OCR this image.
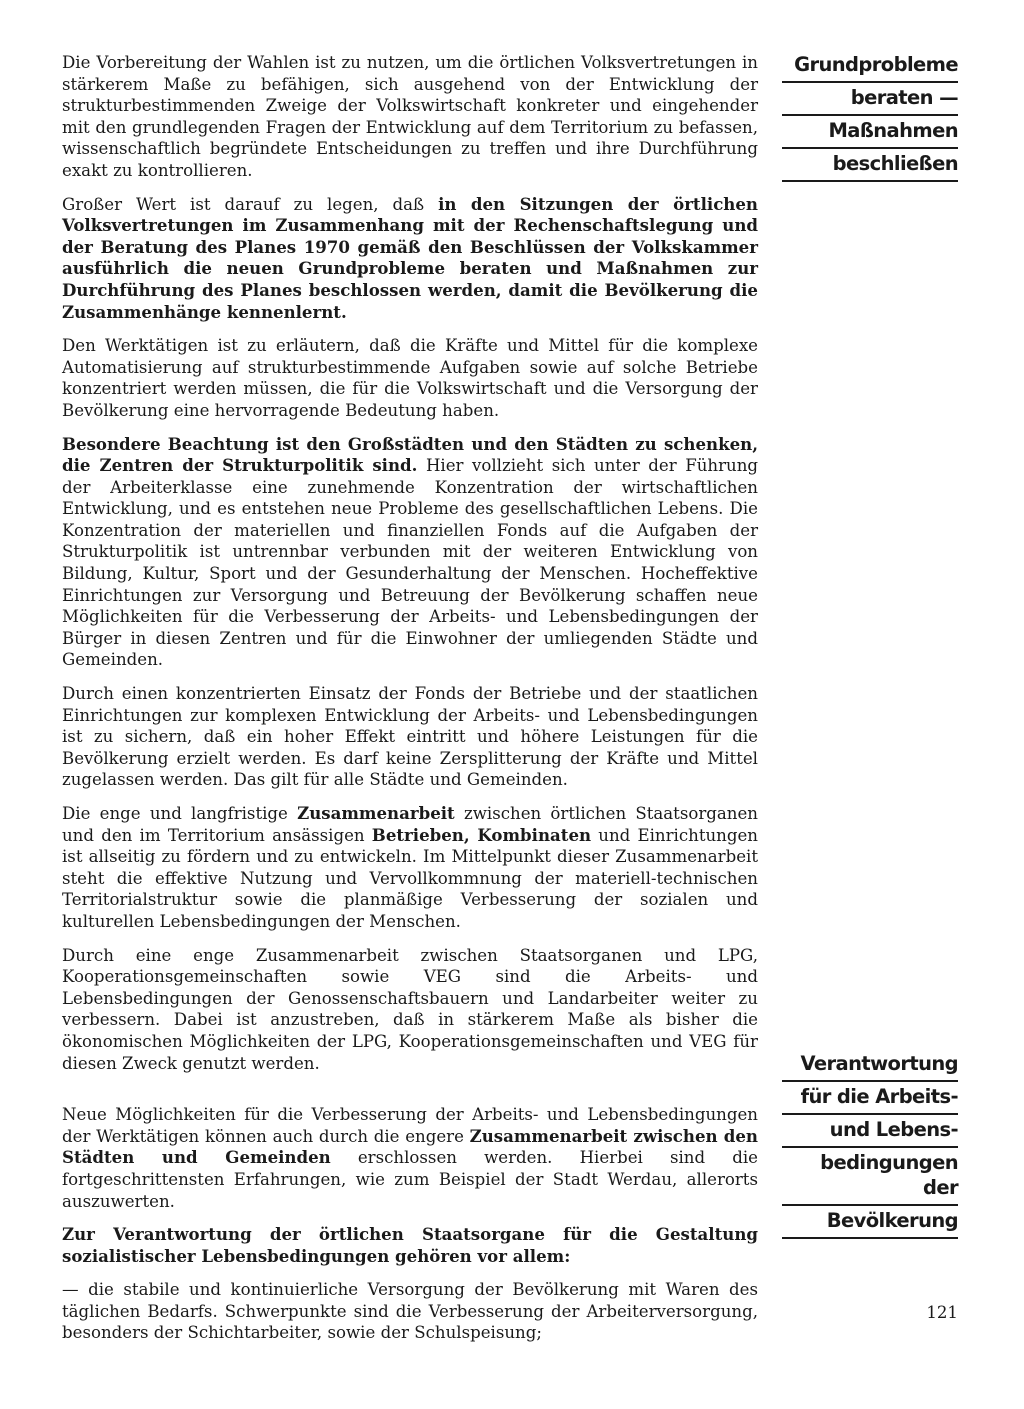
Die Vorbereitung der Wahlen ist zu nutzen, um die örtlichen Volksvertretungen in stärkerem Maße zu befähigen, sich ausgehend von der Entwicklung der strukturbestimmenden Zweige der Volkswirtschaft konkreter und eingehender mit den grundlegenden Fragen der Entwicklung auf dem Territorium zu befassen, wissenschaftlich begründete Entscheidungen zu treffen und ihre Durchführung exakt zu kontrollieren.

Großer Wert ist darauf zu legen, daß in den Sitzungen der örtlichen Volksvertretungen im Zusammenhang mit der Rechenschaftslegung und der Beratung des Planes 1970 gemäß den Beschlüssen der Volkskammer ausführlich die neuen Grundprobleme beraten und Maßnahmen zur Durchführung des Planes beschlossen werden, damit die Bevölkerung die Zusammenhänge kennenlernt.

Den Werktätigen ist zu erläutern, daß die Kräfte und Mittel für die komplexe Automatisierung auf strukturbestimmende Aufgaben sowie auf solche Betriebe konzentriert werden müssen, die für die Volkswirtschaft und die Versorgung der Bevölkerung eine hervorragende Bedeutung haben.

Besondere Beachtung ist den Großstädten und den Städten zu schenken, die Zentren der Strukturpolitik sind. Hier vollzieht sich unter der Führung der Arbeiterklasse eine zunehmende Konzentration der wirtschaftlichen Entwicklung, und es entstehen neue Probleme des gesellschaftlichen Lebens. Die Konzentration der materiellen und finanziellen Fonds auf die Aufgaben der Strukturpolitik ist untrennbar verbunden mit der weiteren Entwicklung von Bildung, Kultur, Sport und der Gesunderhaltung der Menschen. Hocheffektive Einrichtungen zur Versorgung und Betreuung der Bevölkerung schaffen neue Möglichkeiten für die Verbesserung der Arbeits- und Lebensbedingungen der Bürger in diesen Zentren und für die Einwohner der umliegenden Städte und Gemeinden.

Durch einen konzentrierten Einsatz der Fonds der Betriebe und der staatlichen Einrichtungen zur komplexen Entwicklung der Arbeits- und Lebensbedingungen ist zu sichern, daß ein hoher Effekt eintritt und höhere Leistungen für die Bevölkerung erzielt werden. Es darf keine Zersplitterung der Kräfte und Mittel zugelassen werden. Das gilt für alle Städte und Gemeinden.

Die enge und langfristige Zusammenarbeit zwischen örtlichen Staatsorganen und den im Territorium ansässigen Betrieben, Kombinaten und Einrichtungen ist allseitig zu fördern und zu entwickeln. Im Mittelpunkt dieser Zusammenarbeit steht die effektive Nutzung und Vervollkommnung der materiell-technischen Territorialstruktur sowie die planmäßige Verbesserung der sozialen und kulturellen Lebensbedingungen der Menschen.

Durch eine enge Zusammenarbeit zwischen Staatsorganen und LPG, Kooperationsgemeinschaften sowie VEG sind die Arbeits- und Lebensbedingungen der Genossenschaftsbauern und Landarbeiter weiter zu verbessern. Dabei ist anzustreben, daß in stärkerem Maße als bisher die ökonomischen Möglichkeiten der LPG, Kooperationsgemeinschaften und VEG für diesen Zweck genutzt werden.

Neue Möglichkeiten für die Verbesserung der Arbeits- und Lebensbedingungen der Werktätigen können auch durch die engere Zusammenarbeit zwischen den Städten und Gemeinden erschlossen werden. Hierbei sind die fortgeschrittensten Erfahrungen, wie zum Beispiel der Stadt Werdau, allerorts auszuwerten.

Zur Verantwortung der örtlichen Staatsorgane für die Gestaltung sozialistischer Lebensbedingungen gehören vor allem:

— die stabile und kontinuierliche Versorgung der Bevölkerung mit Waren des täglichen Bedarfs. Schwerpunkte sind die Verbesserung der Arbeiterversorgung, besonders der Schichtarbeiter, sowie der Schulspeisung;

Grundprobleme
beraten —
Maßnahmen
beschließen
Verantwortung
für die Arbeits-
und Lebens-
bedingungen der
Bevölkerung
121
